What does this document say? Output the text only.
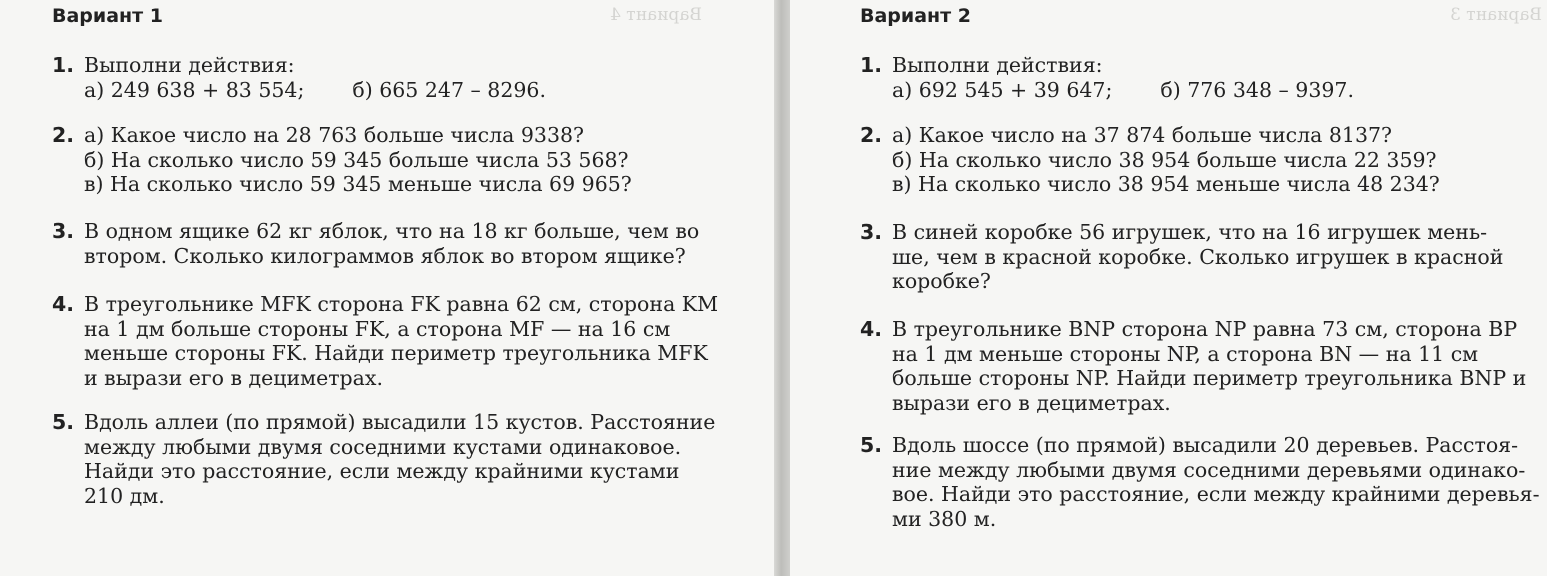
Вариант 4
Вариант 1
1. Выполни действия:
а) 249 638 + 83 554; б) 665 247 – 8296.
2. а) Какое число на 28 763 больше числа 9338?
б) На сколько число 59 345 больше числа 53 568?
в) На сколько число 59 345 меньше числа 69 965?
3. В одном ящике 62 кг яблок, что на 18 кг больше, чем во
втором. Сколько килограммов яблок во втором ящике?
4. В треугольнике MFK сторона FK равна 62 см, сторона KM
на 1 дм больше стороны FK, а сторона MF — на 16 см
меньше стороны FK. Найди периметр треугольника MFK
и вырази его в дециметрах.
5. Вдоль аллеи (по прямой) высадили 15 кустов. Расстояние
между любыми двумя соседними кустами одинаковое.
Найди это расстояние, если между крайними кустами
210 дм.
Вариант 3
Вариант 2
1. Выполни действия:
а) 692 545 + 39 647; б) 776 348 – 9397.
2. а) Какое число на 37 874 больше числа 8137?
б) На сколько число 38 954 больше числа 22 359?
в) На сколько число 38 954 меньше числа 48 234?
3. В синей коробке 56 игрушек, что на 16 игрушек мень-
ше, чем в красной коробке. Сколько игрушек в красной
коробке?
4. В треугольнике BNP сторона NP равна 73 см, сторона BP
на 1 дм меньше стороны NP, а сторона BN — на 11 см
больше стороны NP. Найди периметр треугольника BNP и
вырази его в дециметрах.
5. Вдоль шоссе (по прямой) высадили 20 деревьев. Расстоя-
ние между любыми двумя соседними деревьями одинако-
вое. Найди это расстояние, если между крайними деревья-
ми 380 м.
